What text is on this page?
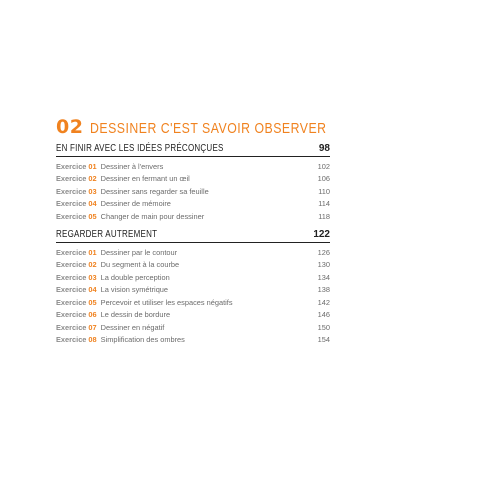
02 DESSINER C'EST SAVOIR OBSERVER
EN FINIR AVEC LES IDÉES PRÉCONÇUES	98
Exercice 01 Dessiner à l'envers	102
Exercice 02 Dessiner en fermant un œil	106
Exercice 03 Dessiner sans regarder sa feuille	110
Exercice 04 Dessiner de mémoire	114
Exercice 05 Changer de main pour dessiner	118
REGARDER AUTREMENT	122
Exercice 01 Dessiner par le contour	126
Exercice 02 Du segment à la courbe	130
Exercice 03 La double perception	134
Exercice 04 La vision symétrique	138
Exercice 05 Percevoir et utiliser les espaces négatifs	142
Exercice 06 Le dessin de bordure	146
Exercice 07 Dessiner en négatif	150
Exercice 08 Simplification des ombres	154
